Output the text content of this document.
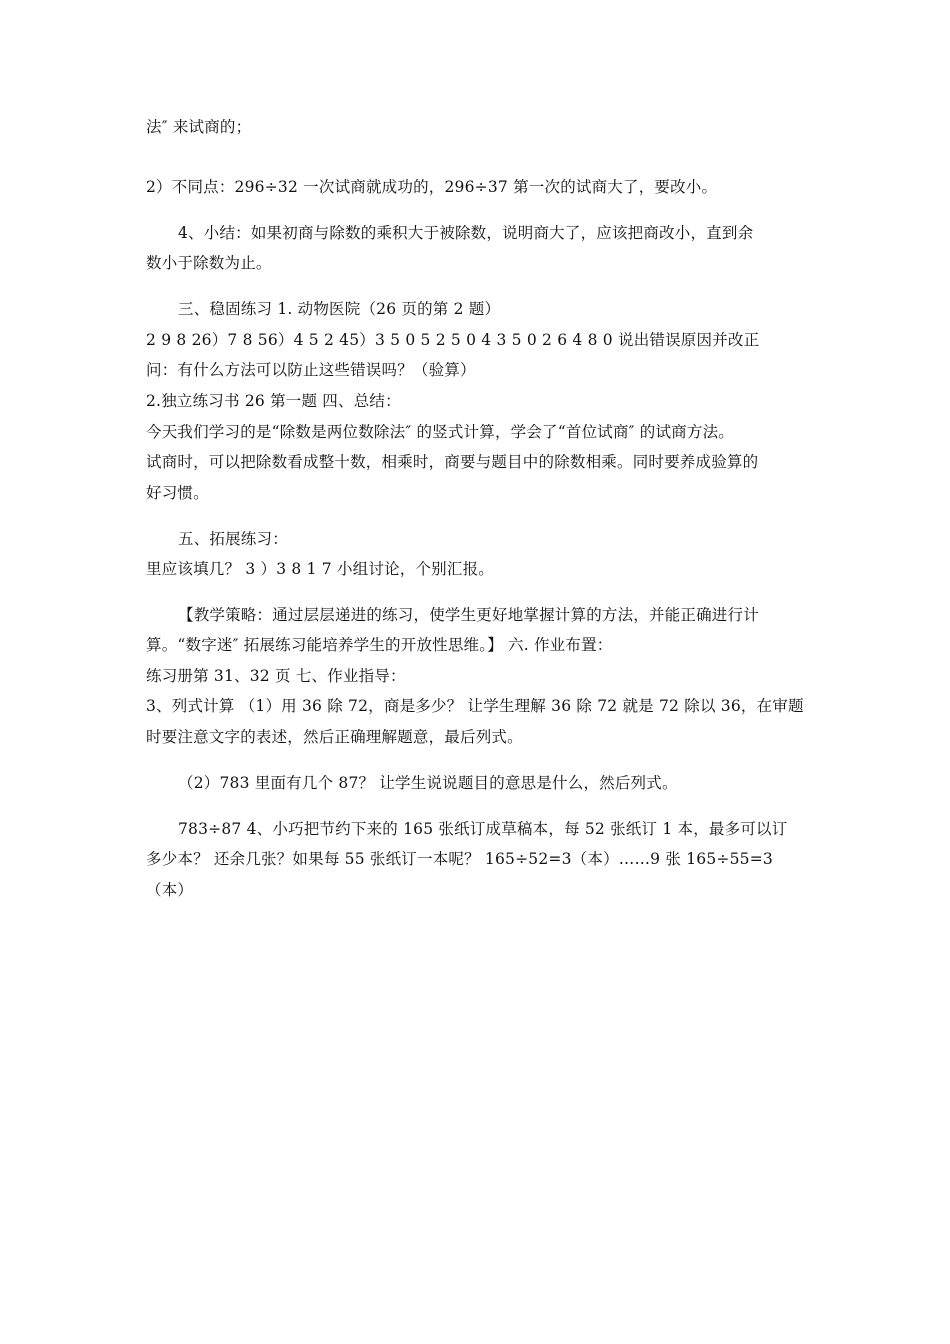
法″ 来试商的；
2）不同点：296÷32 一次试商就成功的，296÷37 第一次的试商大了，要改小。
4、小结：如果初商与除数的乘积大于被除数，说明商大了，应该把商改小，直到余
数小于除数为止。
三、稳固练习 1. 动物医院（26 页的第 2 题）
2 9 8 26）7 8 56）4 5 2 45）3 5 0 5 2 5 0 4 3 5 0 2 6 4 8 0 说出错误原因并改正
问：有什么方法可以防止这些错误吗？（验算）
2.独立练习书 26 第一题 四、总结：
今天我们学习的是“除数是两位数除法″ 的竖式计算，学会了“首位试商″ 的试商方法。
试商时，可以把除数看成整十数，相乘时，商要与题目中的除数相乘。同时要养成验算的
好习惯。
五、拓展练习：
里应该填几？ 3 ）3 8 1 7 小组讨论，个别汇报。
【教学策略：通过层层递进的练习，使学生更好地掌握计算的方法，并能正确进行计
算。“数字迷″ 拓展练习能培养学生的开放性思维。】 六. 作业布置：
练习册第 31、32 页 七、作业指导：
3、列式计算 （1）用 36 除 72，商是多少？ 让学生理解 36 除 72 就是 72 除以 36，在审题
时要注意文字的表述，然后正确理解题意，最后列式。
（2）783 里面有几个 87？ 让学生说说题目的意思是什么，然后列式。
783÷87 4、小巧把节约下来的 165 张纸订成草稿本，每 52 张纸订 1 本，最多可以订
多少本？ 还余几张？如果每 55 张纸订一本呢？ 165÷52=3（本）……9 张 165÷55=3
（本）
